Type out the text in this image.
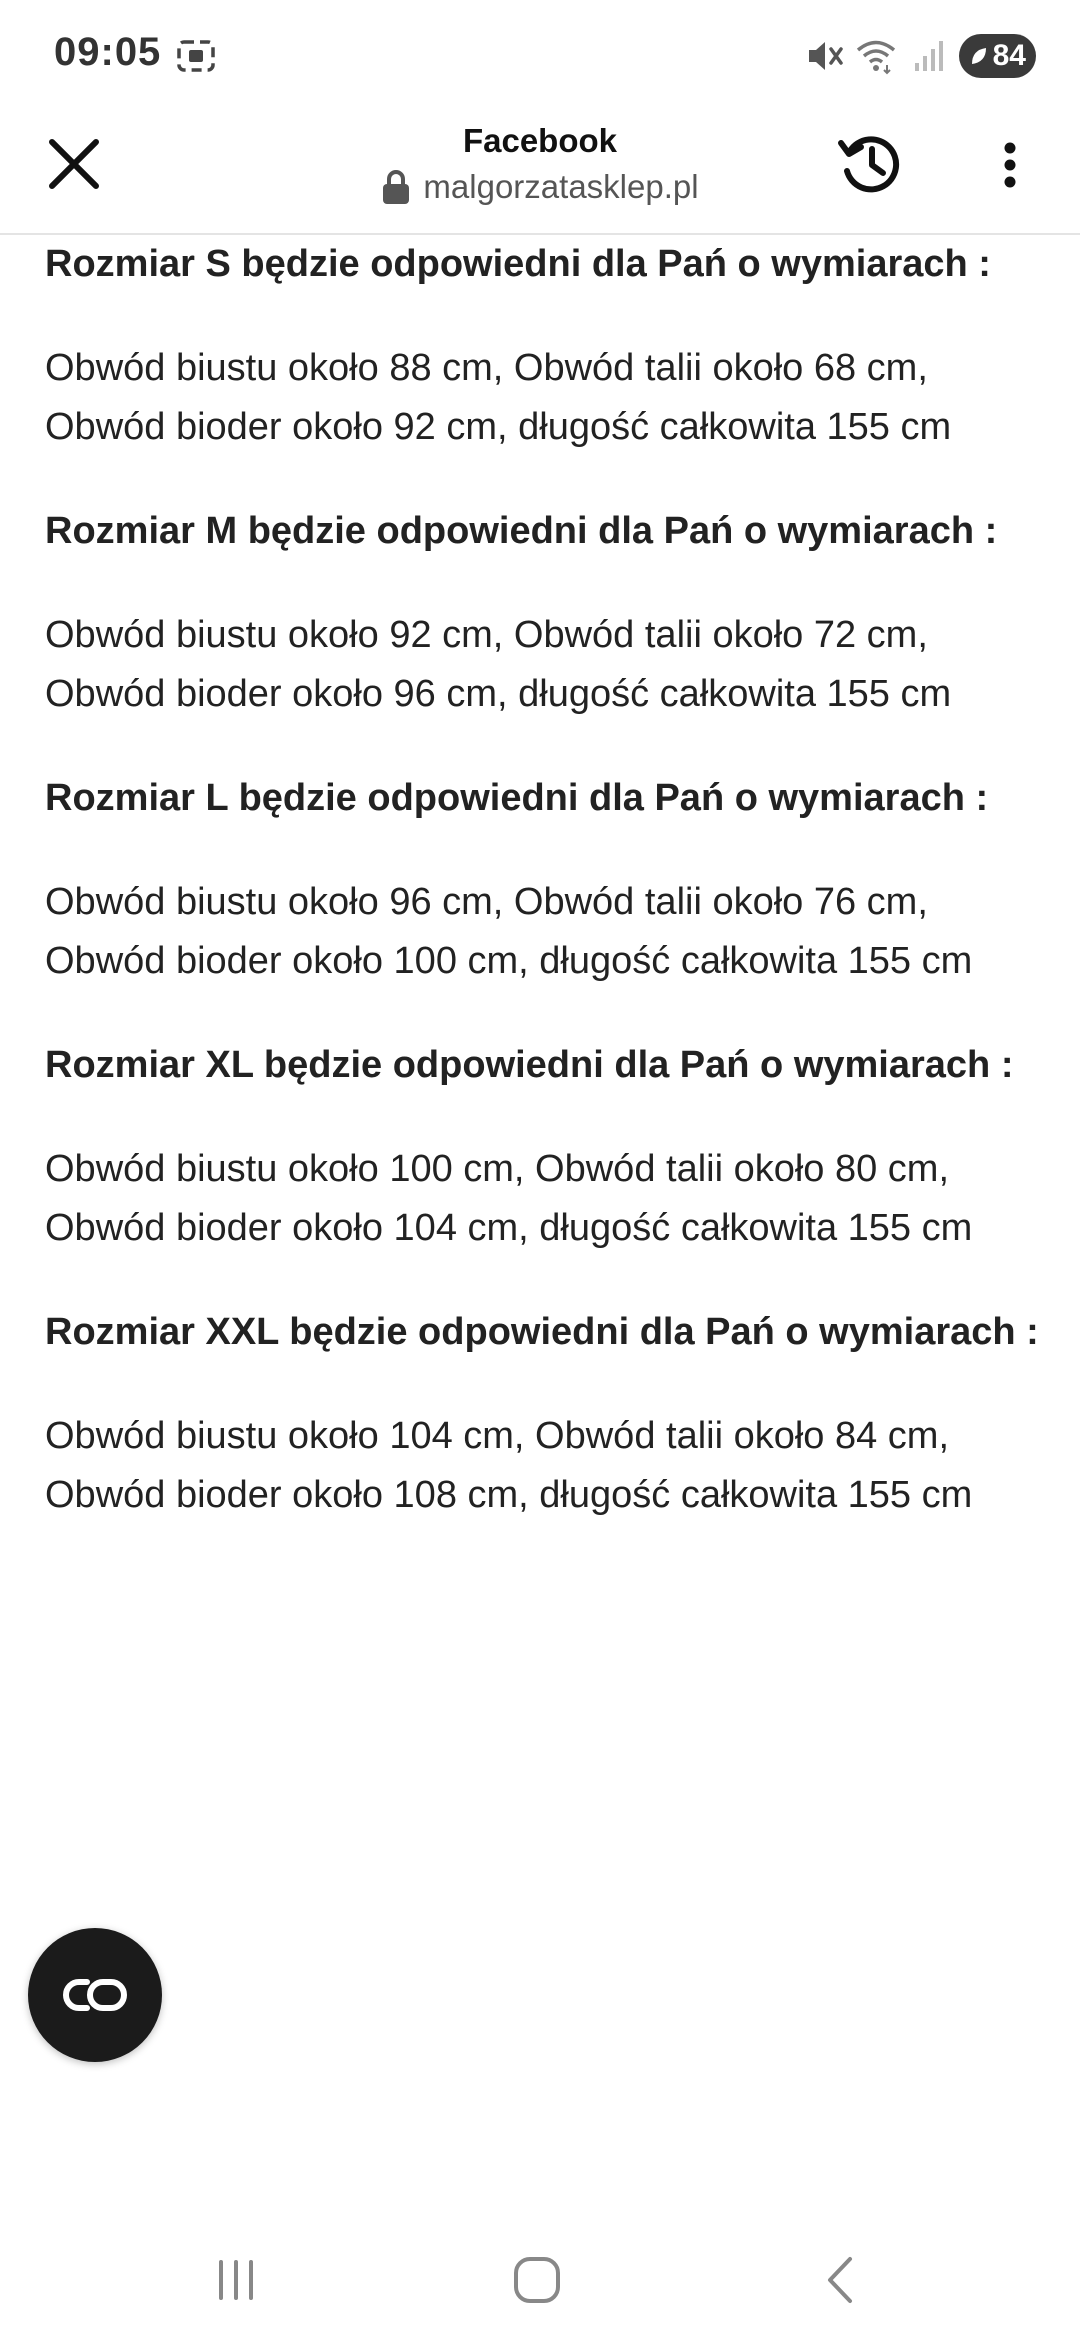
09:05	84
Facebook
malgorzatasklep.pl

Rozmiar S będzie odpowiedni dla Pań o wymiarach :

Obwód biustu około 88 cm, Obwód talii około 68 cm, Obwód bioder około 92 cm, długość całkowita 155 cm

Rozmiar M będzie odpowiedni dla Pań o wymiarach :

Obwód biustu około 92 cm, Obwód talii około 72 cm, Obwód bioder około 96 cm, długość całkowita 155 cm

Rozmiar L będzie odpowiedni dla Pań o wymiarach :

Obwód biustu około 96 cm, Obwód talii około 76 cm, Obwód bioder około 100 cm, długość całkowita 155 cm

Rozmiar XL będzie odpowiedni dla Pań o wymiarach :

Obwód biustu około 100 cm, Obwód talii około 80 cm, Obwód bioder około 104 cm, długość całkowita 155 cm

Rozmiar XXL będzie odpowiedni dla Pań o wymiarach :

Obwód biustu około 104 cm, Obwód talii około 84 cm, Obwód bioder około 108 cm, długość całkowita 155 cm
